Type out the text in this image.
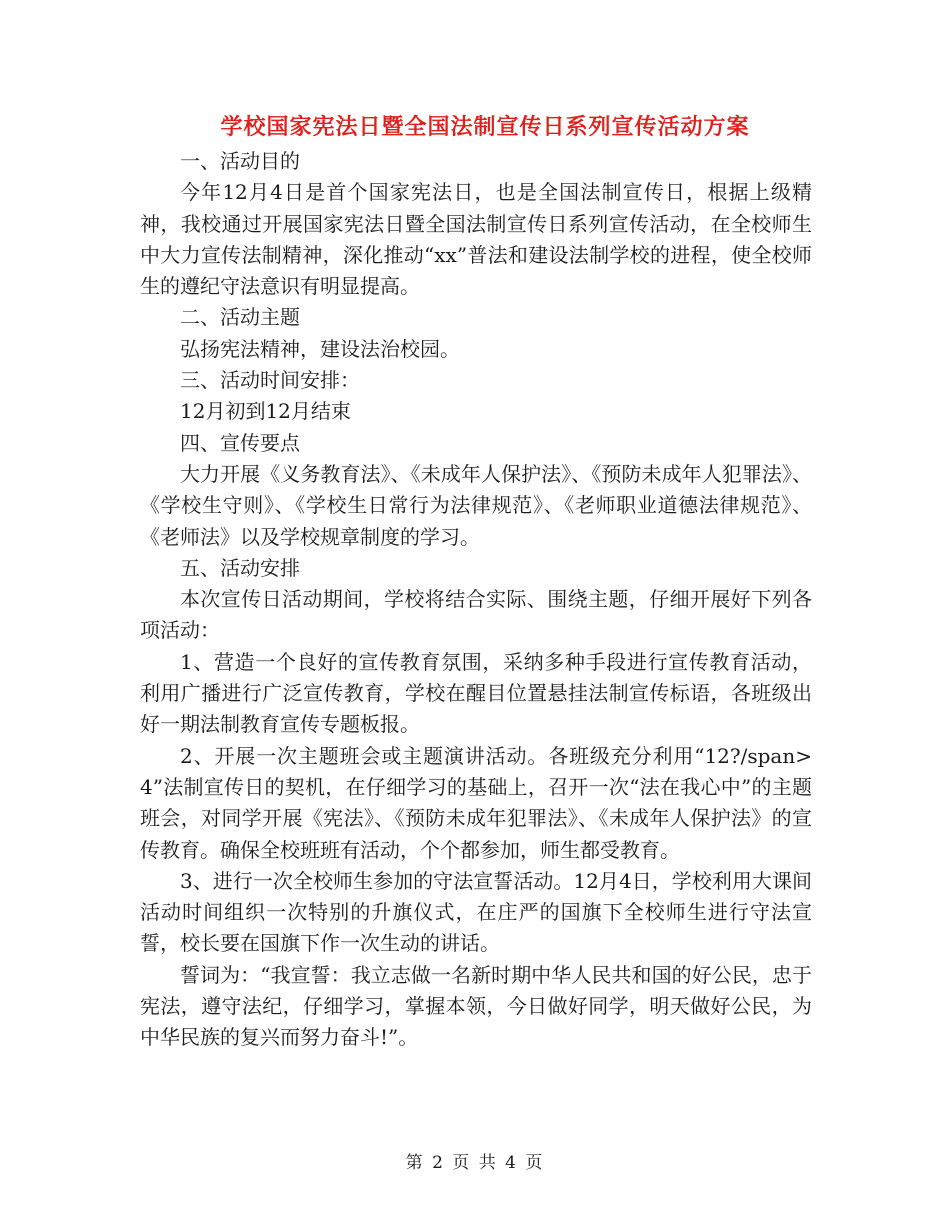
学校国家宪法日暨全国法制宣传日系列宣传活动方案

一、活动目的

今年12月4日是首个国家宪法日，也是全国法制宣传日，根据上级精神，我校通过开展国家宪法日暨全国法制宣传日系列宣传活动，在全校师生中大力宣传法制精神，深化推动“xx”普法和建设法制学校的进程，使全校师生的遵纪守法意识有明显提高。

二、活动主题

弘扬宪法精神，建设法治校园。

三、活动时间安排：

12月初到12月结束

四、宣传要点

大力开展《义务教育法》、《未成年人保护法》、《预防未成年人犯罪法》、《学校生守则》、《学校生日常行为法律规范》、《老师职业道德法律规范》、《老师法》以及学校规章制度的学习。

五、活动安排

本次宣传日活动期间，学校将结合实际、围绕主题，仔细开展好下列各项活动：

1、营造一个良好的宣传教育氛围，采纳多种手段进行宣传教育活动，利用广播进行广泛宣传教育，学校在醒目位置悬挂法制宣传标语，各班级出好一期法制教育宣传专题板报。

2、开展一次主题班会或主题演讲活动。各班级充分利用“12?/span>4”法制宣传日的契机，在仔细学习的基础上，召开一次“法在我心中”的主题班会，对同学开展《宪法》、《预防未成年犯罪法》、《未成年人保护法》的宣传教育。确保全校班班有活动，个个都参加，师生都受教育。

3、进行一次全校师生参加的守法宣誓活动。12月4日，学校利用大课间活动时间组织一次特别的升旗仪式，在庄严的国旗下全校师生进行守法宣誓，校长要在国旗下作一次生动的讲话。

誓词为：“我宣誓：我立志做一名新时期中华人民共和国的好公民，忠于宪法，遵守法纪，仔细学习，掌握本领，今日做好同学，明天做好公民，为中华民族的复兴而努力奋斗!”。

第 2 页 共 4 页
